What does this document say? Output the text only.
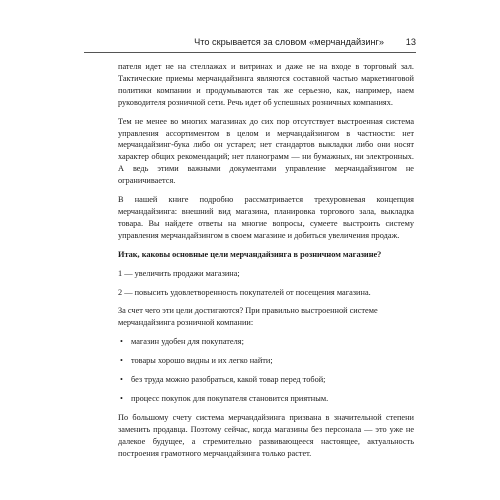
Что скрывается за словом «мерчандайзинг»	13

пателя идет не на стеллажах и витринах и даже не на входе в торговый зал. Тактические приемы мерчандайзинга являются составной частью маркетинговой политики компании и продумываются так же серьезно, как, например, наем руководителя розничной сети. Речь идет об успешных розничных компаниях.

Тем не менее во многих магазинах до сих пор отсутствует выстроенная система управления ассортиментом в целом и мерчандайзингом в частности: нет мерчандайзинг-бука либо он устарел; нет стандартов выкладки либо они носят характер общих рекомендаций; нет планограмм — ни бумажных, ни электронных. А ведь этими важными документами управление мерчандайзингом не ограничивается.

В нашей книге подробно рассматривается трехуровневая концепция мерчандайзинга: внешний вид магазина, планировка торгового зала, выкладка товара. Вы найдете ответы на многие вопросы, сумеете выстроить систему управления мерчандайзингом в своем магазине и добиться увеличения продаж.

Итак, каковы основные цели мерчандайзинга в розничном магазине?

1 — увеличить продажи магазина;

2 — повысить удовлетворенность покупателей от посещения магазина.

За счет чего эти цели достигаются? При правильно выстроенной системе мерчандайзинга розничной компании:

• магазин удобен для покупателя;
• товары хорошо видны и их легко найти;
• без труда можно разобраться, какой товар перед тобой;
• процесс покупок для покупателя становится приятным.

По большому счету система мерчандайзинга призвана в значительной степени заменить продавца. Поэтому сейчас, когда магазины без персонала — это уже не далекое будущее, а стремительно развивающееся настоящее, актуальность построения грамотного мерчандайзинга только растет.
